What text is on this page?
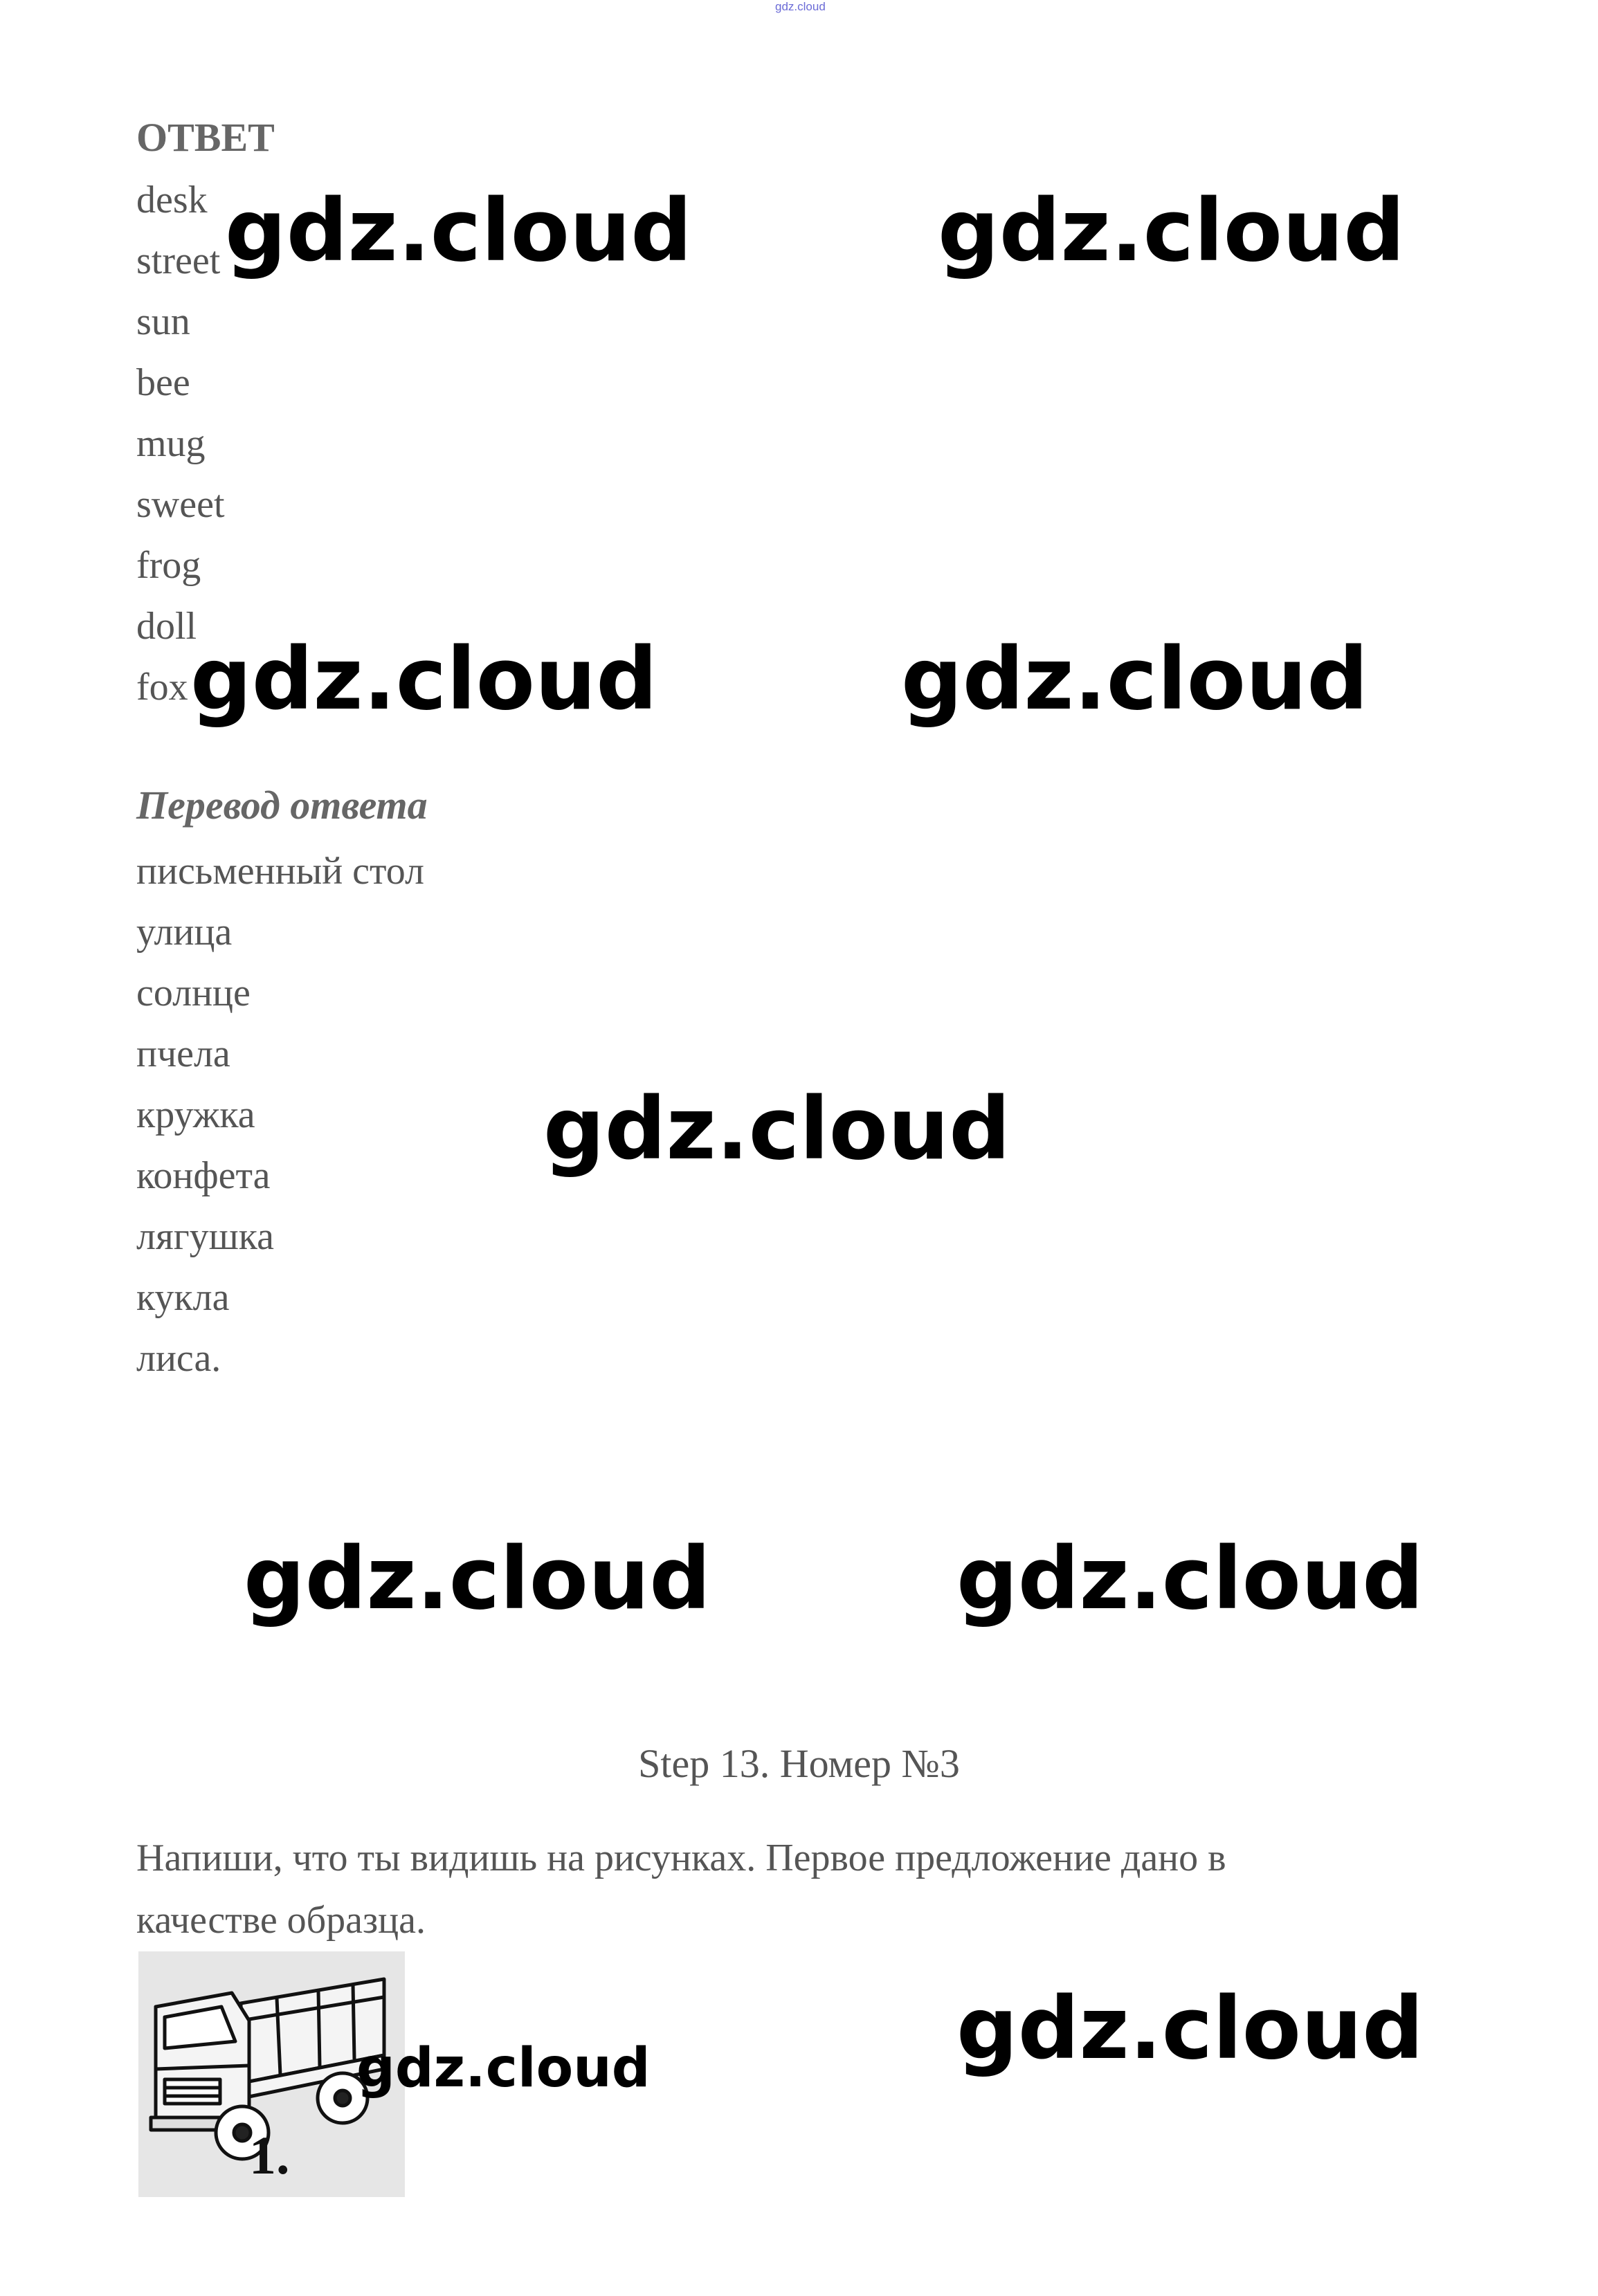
gdz.cloud
ОТВЕТ
desk
street
sun
bee
mug
sweet
frog
doll
fox
Перевод ответа
письменный стол
улица
солнце
пчела
кружка
конфета
лягушка
кукла
лиса.
Step 13. Номер №3
Напиши, что ты видишь на рисунках. Первое предложение дано в качестве образца.
1.
gdz.cloud	gdz.cloud
gdz.cloud	gdz.cloud
gdz.cloud
gdz.cloud	gdz.cloud
gdz.cloud
gdz.cloud
